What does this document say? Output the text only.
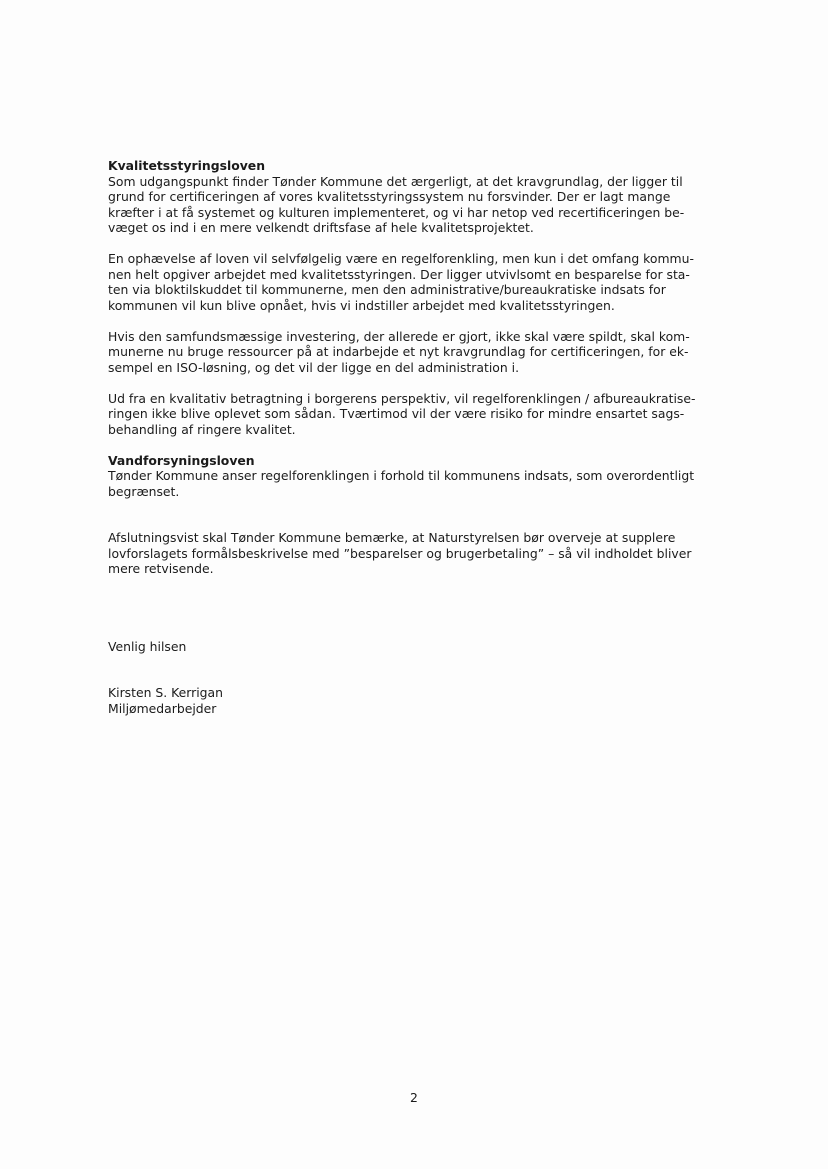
Kvalitetsstyringsloven

Som udgangspunkt finder Tønder Kommune det ærgerligt, at det kravgrundlag, der ligger til
grund for certificeringen af vores kvalitetsstyringssystem nu forsvinder. Der er lagt mange
kræfter i at få systemet og kulturen implementeret, og vi har netop ved recertificeringen be-
væget os ind i en mere velkendt driftsfase af hele kvalitetsprojektet.

En ophævelse af loven vil selvfølgelig være en regelforenkling, men kun i det omfang kommu-
nen helt opgiver arbejdet med kvalitetsstyringen. Der ligger utvivlsomt en besparelse for sta-
ten via bloktilskuddet til kommunerne, men den administrative/bureaukratiske indsats for
kommunen vil kun blive opnået, hvis vi indstiller arbejdet med kvalitetsstyringen.

Hvis den samfundsmæssige investering, der allerede er gjort, ikke skal være spildt, skal kom-
munerne nu bruge ressourcer på at indarbejde et nyt kravgrundlag for certificeringen, for ek-
sempel en ISO-løsning, og det vil der ligge en del administration i.

Ud fra en kvalitativ betragtning i borgerens perspektiv, vil regelforenklingen / afbureaukratise-
ringen ikke blive oplevet som sådan. Tværtimod vil der være risiko for mindre ensartet sags-
behandling af ringere kvalitet.

Vandforsyningsloven

Tønder Kommune anser regelforenklingen i forhold til kommunens indsats, som overordentligt
begrænset.

Afslutningsvist skal Tønder Kommune bemærke, at Naturstyrelsen bør overveje at supplere
lovforslagets formålsbeskrivelse med ”besparelser og brugerbetaling” – så vil indholdet bliver
mere retvisende.

Venlig hilsen

Kirsten S. Kerrigan
Miljømedarbejder
2
